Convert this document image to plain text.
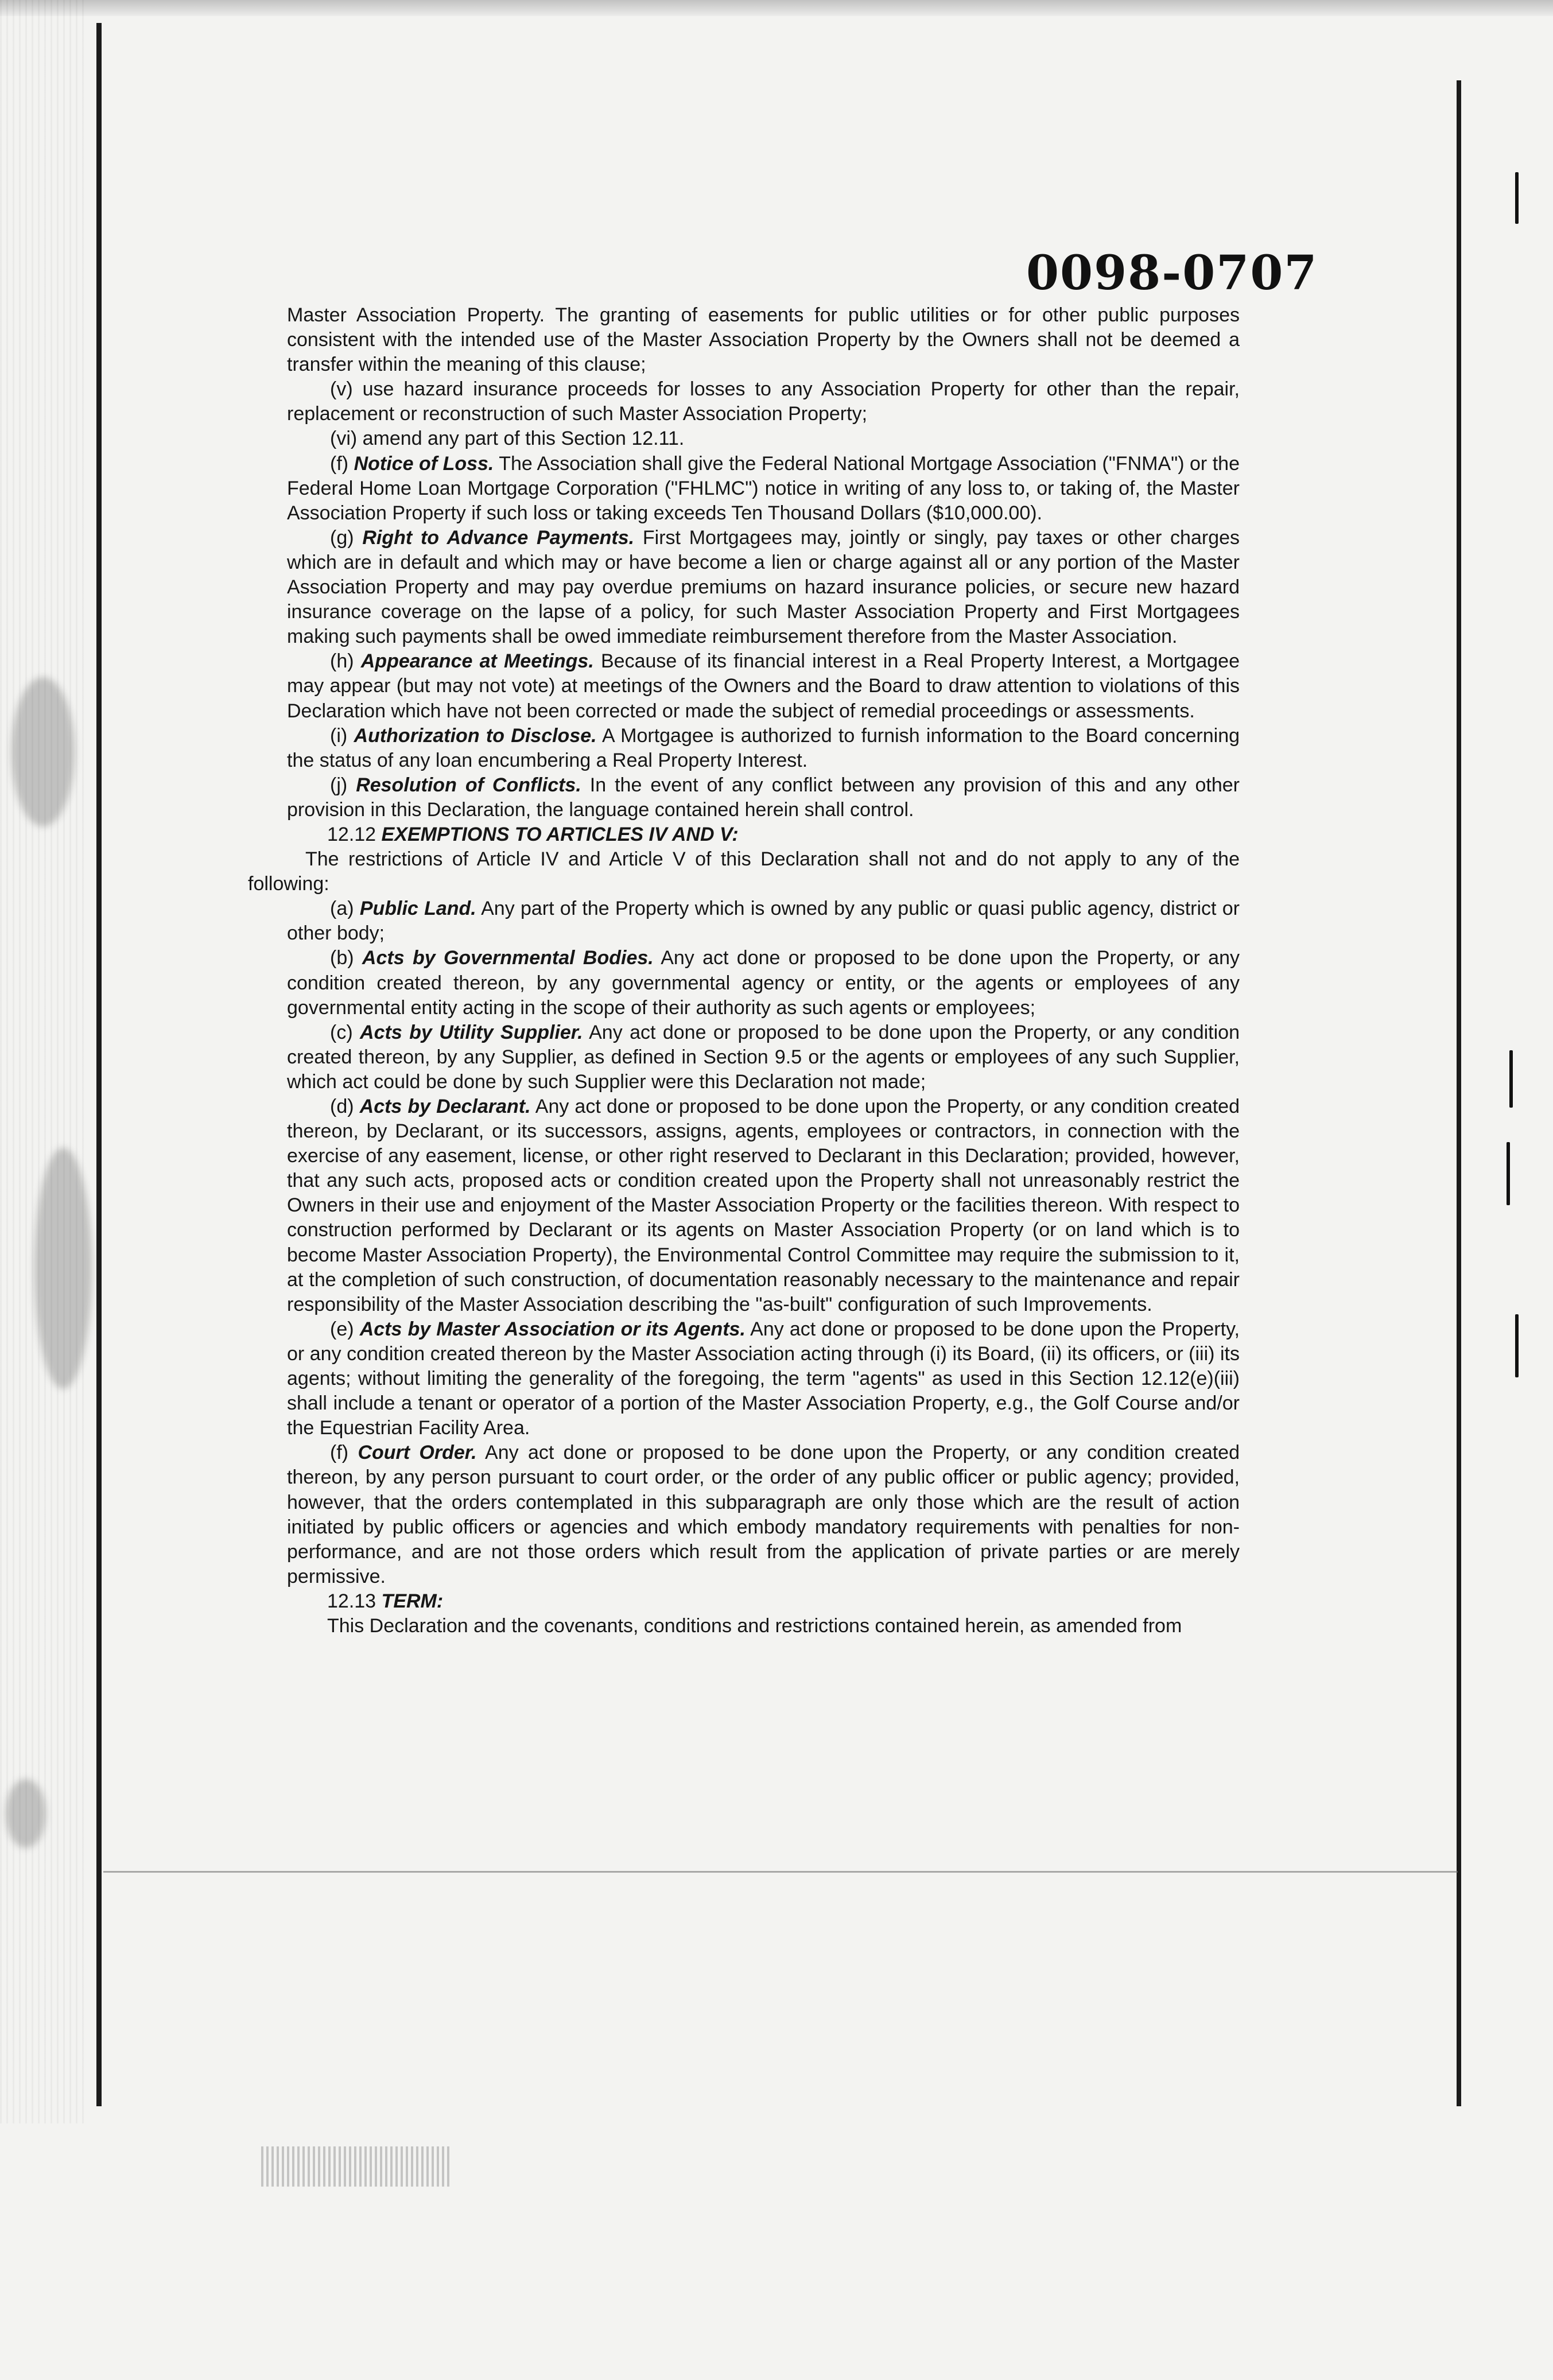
0098-0707

Master Association Property. The granting of easements for public utilities or for other public purposes consistent with the intended use of the Master Association Property by the Owners shall not be deemed a transfer within the meaning of this clause;

(v) use hazard insurance proceeds for losses to any Association Property for other than the repair, replacement or reconstruction of such Master Association Property;

(vi) amend any part of this Section 12.11.

(f) Notice of Loss. The Association shall give the Federal National Mortgage Association ("FNMA") or the Federal Home Loan Mortgage Corporation ("FHLMC") notice in writing of any loss to, or taking of, the Master Association Property if such loss or taking exceeds Ten Thousand Dollars ($10,000.00).

(g) Right to Advance Payments. First Mortgagees may, jointly or singly, pay taxes or other charges which are in default and which may or have become a lien or charge against all or any portion of the Master Association Property and may pay overdue premiums on hazard insurance policies, or secure new hazard insurance coverage on the lapse of a policy, for such Master Association Property and First Mortgagees making such payments shall be owed immediate reimbursement therefore from the Master Association.

(h) Appearance at Meetings. Because of its financial interest in a Real Property Interest, a Mortgagee may appear (but may not vote) at meetings of the Owners and the Board to draw attention to violations of this Declaration which have not been corrected or made the subject of remedial proceedings or assessments.

(i) Authorization to Disclose. A Mortgagee is authorized to furnish information to the Board concerning the status of any loan encumbering a Real Property Interest.

(j) Resolution of Conflicts. In the event of any conflict between any provision of this and any other provision in this Declaration, the language contained herein shall control.

12.12 EXEMPTIONS TO ARTICLES IV AND V:

The restrictions of Article IV and Article V of this Declaration shall not and do not apply to any of the following:

(a) Public Land. Any part of the Property which is owned by any public or quasi public agency, district or other body;

(b) Acts by Governmental Bodies. Any act done or proposed to be done upon the Property, or any condition created thereon, by any governmental agency or entity, or the agents or employees of any governmental entity acting in the scope of their authority as such agents or employees;

(c) Acts by Utility Supplier. Any act done or proposed to be done upon the Property, or any condition created thereon, by any Supplier, as defined in Section 9.5 or the agents or employees of any such Supplier, which act could be done by such Supplier were this Declaration not made;

(d) Acts by Declarant. Any act done or proposed to be done upon the Property, or any condition created thereon, by Declarant, or its successors, assigns, agents, employees or contractors, in connection with the exercise of any easement, license, or other right reserved to Declarant in this Declaration; provided, however, that any such acts, proposed acts or condition created upon the Property shall not unreasonably restrict the Owners in their use and enjoyment of the Master Association Property or the facilities thereon. With respect to construction performed by Declarant or its agents on Master Association Property (or on land which is to become Master Association Property), the Environmental Control Committee may require the submission to it, at the completion of such construction, of documentation reasonably necessary to the maintenance and repair responsibility of the Master Association describing the "as-built" configuration of such Improvements.

(e) Acts by Master Association or its Agents. Any act done or proposed to be done upon the Property, or any condition created thereon by the Master Association acting through (i) its Board, (ii) its officers, or (iii) its agents; without limiting the generality of the foregoing, the term "agents" as used in this Section 12.12(e)(iii) shall include a tenant or operator of a portion of the Master Association Property, e.g., the Golf Course and/or the Equestrian Facility Area.

(f) Court Order. Any act done or proposed to be done upon the Property, or any condition created thereon, by any person pursuant to court order, or the order of any public officer or public agency; provided, however, that the orders contemplated in this subparagraph are only those which are the result of action initiated by public officers or agencies and which embody mandatory requirements with penalties for non-performance, and are not those orders which result from the application of private parties or are merely permissive.

12.13 TERM:

This Declaration and the covenants, conditions and restrictions contained herein, as amended from
